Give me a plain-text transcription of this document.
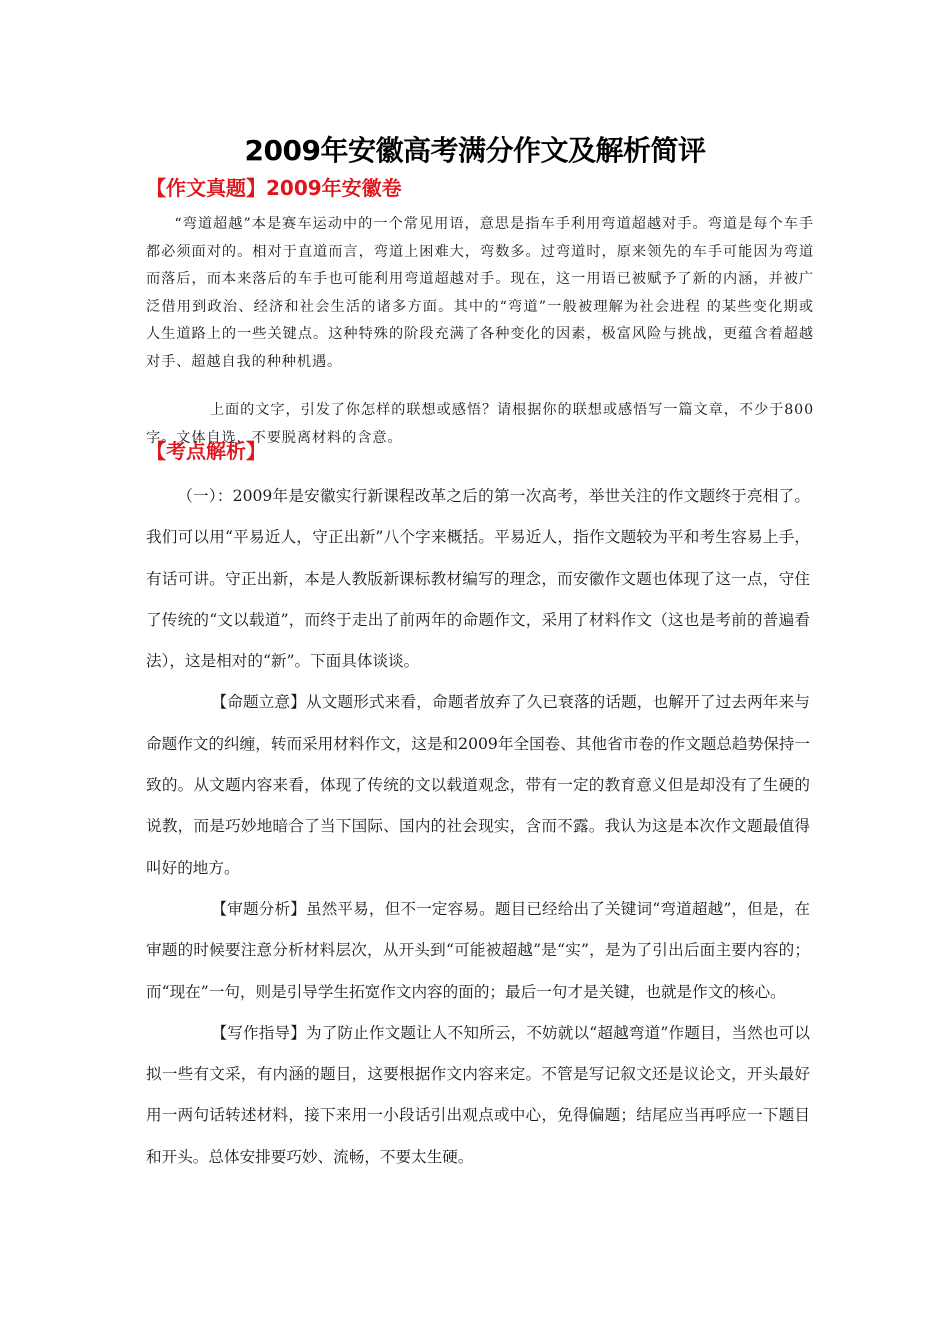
2009年安徽高考满分作文及解析简评
【作文真题】2009年安徽卷

“弯道超越”本是赛车运动中的一个常见用语，意思是指车手利用弯道超越对手。弯道是每个车手都必须面对的。相对于直道而言，弯道上困难大，弯数多。过弯道时，原来领先的车手可能因为弯道而落后，而本来落后的车手也可能利用弯道超越对手。现在，这一用语已被赋予了新的内涵，并被广泛借用到政治、经济和社会生活的诸多方面。其中的“弯道”一般被理解为社会进程 的某些变化期或人生道路上的一些关键点。这种特殊的阶段充满了各种变化的因素，极富风险与挑战，更蕴含着超越对手、超越自我的种种机遇。

上面的文字，引发了你怎样的联想或感悟？请根据你的联想或感悟写一篇文章，不少于800字。文体自选，不要脱离材料的含意。

【考点解析】

（一）：2009年是安徽实行新课程改革之后的第一次高考，举世关注的作文题终于亮相了。我们可以用“平易近人，守正出新”八个字来概括。平易近人，指作文题较为平和考生容易上手，有话可讲。守正出新，本是人教版新课标教材编写的理念，而安徽作文题也体现了这一点，守住了传统的“文以载道”，而终于走出了前两年的命题作文，采用了材料作文（这也是考前的普遍看法），这是相对的“新”。下面具体谈谈。

【命题立意】从文题形式来看，命题者放弃了久已衰落的话题，也解开了过去两年来与命题作文的纠缠，转而采用材料作文，这是和2009年全国卷、其他省市卷的作文题总趋势保持一致的。从文题内容来看，体现了传统的文以载道观念，带有一定的教育意义但是却没有了生硬的说教，而是巧妙地暗合了当下国际、国内的社会现实，含而不露。我认为这是本次作文题最值得叫好的地方。

【审题分析】虽然平易，但不一定容易。题目已经给出了关键词“弯道超越”，但是，在审题的时候要注意分析材料层次，从开头到“可能被超越”是“实”，是为了引出后面主要内容的；而“现在”一句，则是引导学生拓宽作文内容的面的；最后一句才是关键，也就是作文的核心。

【写作指导】为了防止作文题让人不知所云，不妨就以“超越弯道”作题目，当然也可以拟一些有文采，有内涵的题目，这要根据作文内容来定。不管是写记叙文还是议论文，开头最好用一两句话转述材料，接下来用一小段话引出观点或中心，免得偏题；结尾应当再呼应一下题目和开头。总体安排要巧妙、流畅，不要太生硬。
